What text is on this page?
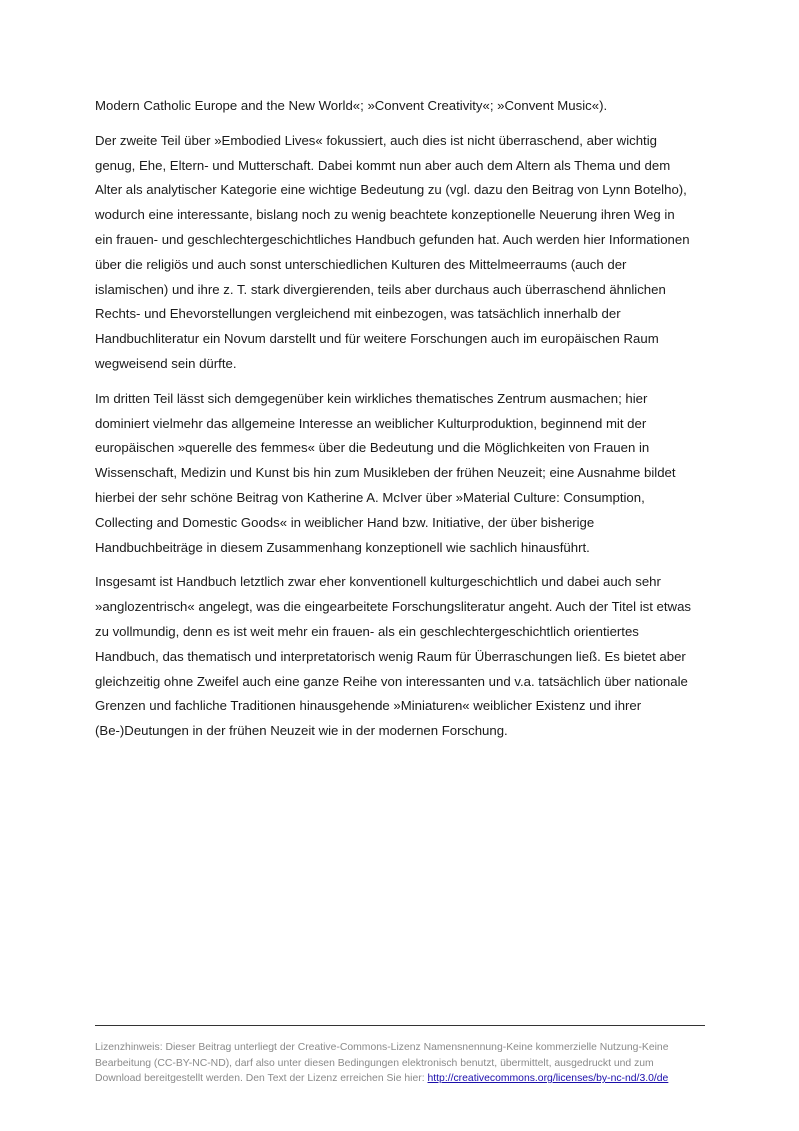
Modern Catholic Europe and the New World«; »Convent Creativity«; »Convent Music«).

Der zweite Teil über »Embodied Lives« fokussiert, auch dies ist nicht überraschend, aber wichtig
genug, Ehe, Eltern- und Mutterschaft. Dabei kommt nun aber auch dem Altern als Thema und dem
Alter als analytischer Kategorie eine wichtige Bedeutung zu (vgl. dazu den Beitrag von Lynn Botelho),
wodurch eine interessante, bislang noch zu wenig beachtete konzeptionelle Neuerung ihren Weg in
ein frauen- und geschlechtergeschichtliches Handbuch gefunden hat. Auch werden hier Informationen
über die religiös und auch sonst unterschiedlichen Kulturen des Mittelmeerraums (auch der
islamischen) und ihre z. T. stark divergierenden, teils aber durchaus auch überraschend ähnlichen
Rechts- und Ehevorstellungen vergleichend mit einbezogen, was tatsächlich innerhalb der
Handbuchliteratur ein Novum darstellt und für weitere Forschungen auch im europäischen Raum
wegweisend sein dürfte.

Im dritten Teil lässt sich demgegenüber kein wirkliches thematisches Zentrum ausmachen; hier
dominiert vielmehr das allgemeine Interesse an weiblicher Kulturproduktion, beginnend mit der
europäischen »querelle des femmes« über die Bedeutung und die Möglichkeiten von Frauen in
Wissenschaft, Medizin und Kunst bis hin zum Musikleben der frühen Neuzeit; eine Ausnahme bildet
hierbei der sehr schöne Beitrag von Katherine A. McIver über »Material Culture: Consumption,
Collecting and Domestic Goods« in weiblicher Hand bzw. Initiative, der über bisherige
Handbuchbeiträge in diesem Zusammenhang konzeptionell wie sachlich hinausführt.

Insgesamt ist Handbuch letztlich zwar eher konventionell kulturgeschichtlich und dabei auch sehr
»anglozentrisch« angelegt, was die eingearbeitete Forschungsliteratur angeht. Auch der Titel ist etwas
zu vollmundig, denn es ist weit mehr ein frauen- als ein geschlechtergeschichtlich orientiertes
Handbuch, das thematisch und interpretatorisch wenig Raum für Überraschungen ließ. Es bietet aber
gleichzeitig ohne Zweifel auch eine ganze Reihe von interessanten und v.a. tatsächlich über nationale
Grenzen und fachliche Traditionen hinausgehende »Miniaturen« weiblicher Existenz und ihrer
(Be-)Deutungen in der frühen Neuzeit wie in der modernen Forschung.

Lizenzhinweis: Dieser Beitrag unterliegt der Creative-Commons-Lizenz Namensnennung-Keine kommerzielle Nutzung-Keine
Bearbeitung (CC-BY-NC-ND), darf also unter diesen Bedingungen elektronisch benutzt, übermittelt, ausgedruckt und zum
Download bereitgestellt werden. Den Text der Lizenz erreichen Sie hier: http://creativecommons.org/licenses/by-nc-nd/3.0/de
